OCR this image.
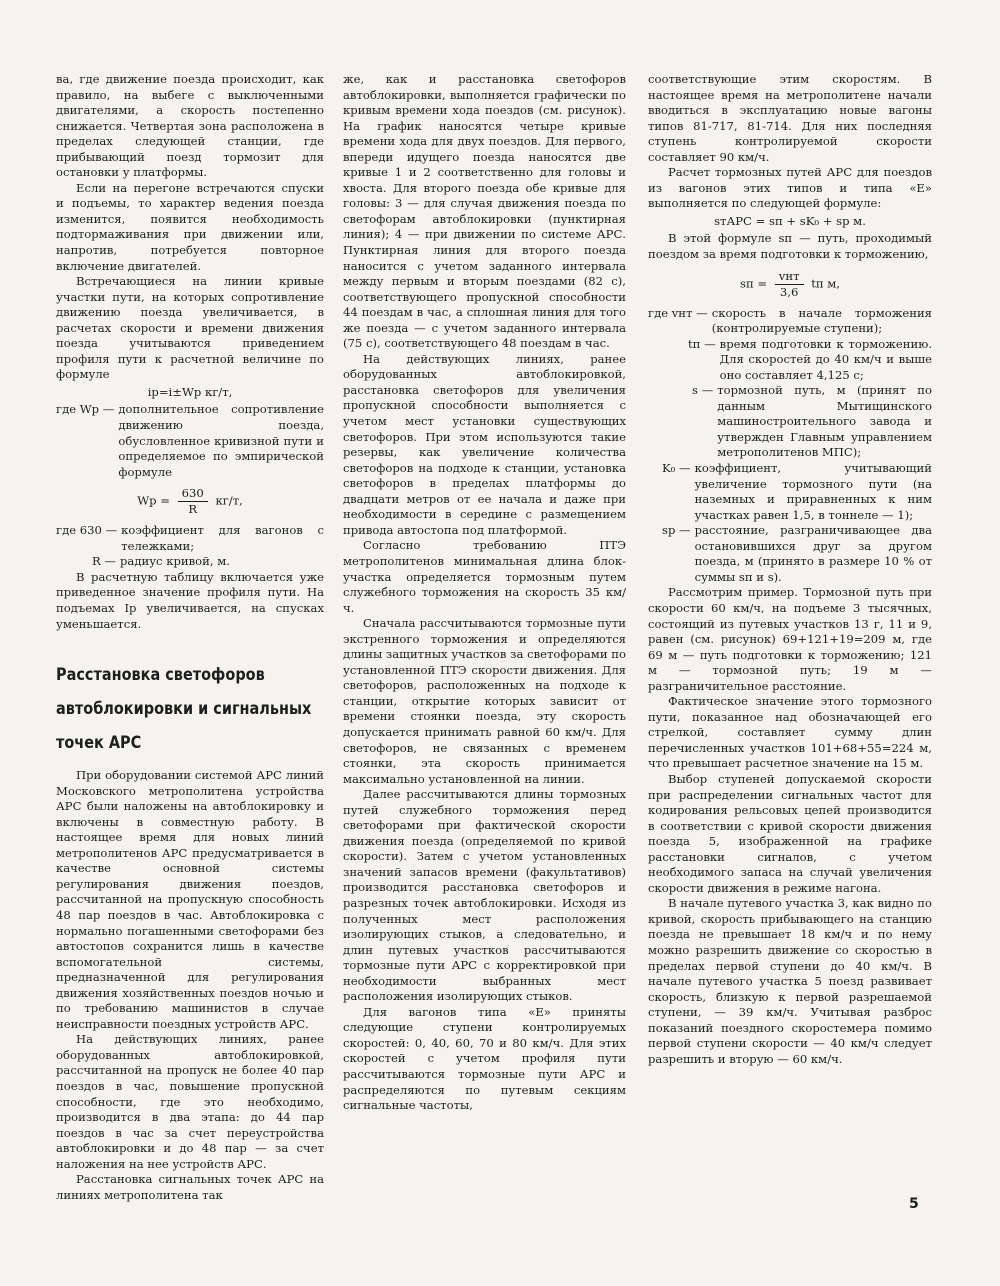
ва, где движение поезда происходит, как правило, на выбеге с выключенными двигателями, а скорость постепенно снижается. Четвертая зона расположена в пределах следующей станции, где прибывающий поезд тормозит для остановки у платформы.

Если на перегоне встречаются спуски и подъемы, то характер ведения поезда изменится, появится необходимость подтормаживания при движении или, напротив, потребуется повторное включение двигателей.

Встречающиеся на линии кривые участки пути, на которых сопротивление движению поезда увеличивается, в расчетах скорости и времени движения поезда учитываются приведением профиля пути к расчетной величине по формуле

iр=i±Wр кг/т,

где Wр — дополнительное сопротивление движению поезда, обусловленное кривизной пути и определяемое по эмпирической формуле
Wр = $\frac{630}{R} кг/т$,
где 630 — коэффициент для вагонов с тележками;
R — радиус кривой, м.

В расчетную таблицу включается уже приведенное значение профиля пути. На подъемах Iр увеличивается, на спусках уменьшается.

Расстановка светофоров
автоблокировки и сигнальных
точек АРС

При оборудовании системой АРС линий Московского метрополитена устройства АРС были наложены на автоблокировку и включены в совместную работу. В настоящее время для новых линий метрополитенов АРС предусматривается в качестве основной системы регулирования движения поездов, рассчитанной на пропускную способность 48 пар поездов в час. Автоблокировка с нормально погашенными светофорами без автостопов сохранится лишь в качестве вспомогательной системы, предназначенной для регулирования движения хозяйственных поездов ночью и по требованию машинистов в случае неисправности поездных устройств АРС.

На действующих линиях, ранее оборудованных автоблокировкой, рассчитанной на пропуск не более 40 пар поездов в час, повышение пропускной способности, где это необходимо, производится в два этапа: до 44 пар поездов в час за счет переустройства автоблокировки и до 48 пар — за счет наложения на нее устройств АРС.

Расстановка сигнальных точек АРС на линиях метрополитена так

же, как и расстановка светофоров автоблокировки, выполняется графически по кривым времени хода поездов (см. рисунок). На график наносятся четыре кривые времени хода для двух поездов. Для первого, впереди идущего поезда наносятся две кривые 1 и 2 соответственно для головы и хвоста. Для второго поезда обе кривые для головы: 3 — для случая движения поезда по светофорам автоблокировки (пунктирная линия); 4 — при движении по системе АРС. Пунктирная линия для второго поезда наносится с учетом заданного интервала между первым и вторым поездами (82 с), соответствующего пропускной способности 44 поездам в час, а сплошная линия для того же поезда — с учетом заданного интервала (75 с), соответствующего 48 поездам в час.

На действующих линиях, ранее оборудованных автоблокировкой, расстановка светофоров для увеличения пропускной способности выполняется с учетом мест установки существующих светофоров. При этом используются такие резервы, как увеличение количества светофоров на подходе к станции, установка светофоров в пределах платформы до двадцати метров от ее начала и даже при необходимости в середине с размещением привода автостопа под платформой.

Согласно требованию ПТЭ метрополитенов минимальная длина блок-участка определяется тормозным путем служебного торможения на скорость 35 км/ч.

Сначала рассчитываются тормозные пути экстренного торможения и определяются длины защитных участков за светофорами по установленной ПТЭ скорости движения. Для светофоров, расположенных на подходе к станции, открытие которых зависит от времени стоянки поезда, эту скорость допускается принимать равной 60 км/ч. Для светофоров, не связанных с временем стоянки, эта скорость принимается максимально установленной на линии.

Далее рассчитываются длины тормозных путей служебного торможения перед светофорами при фактической скорости движения поезда (определяемой по кривой скорости). Затем с учетом установленных значений запасов времени (факультативов) производится расстановка светофоров и разрезных точек автоблокировки. Исходя из полученных мест расположения изолирующих стыков, а следовательно, и длин путевых участков рассчитываются тормозные пути АРС с корректировкой при необходимости выбранных мест расположения изолирующих стыков.

Для вагонов типа «Е» приняты следующие ступени контролируемых скоростей: 0, 40, 60, 70 и 80 км/ч. Для этих скоростей с учетом профиля пути рассчитываются тормозные пути АРС и распределяются по путевым секциям сигнальные частоты,

соответствующие этим скоростям. В настоящее время на метрополитене начали вводиться в эксплуатацию новые вагоны типов 81-717, 81-714. Для них последняя ступень контролируемой скорости составляет 90 км/ч.

Расчет тормозных путей АРС для поездов из вагонов этих типов и типа «Е» выполняется по следующей формуле:

sтАРС = sп + sK₀ + sр м.

В этой формуле sп — путь, проходимый поездом за время подготовки к торможению,

sп = $\frac{\text{vнт}}{3,6}$ tп м,
где vнт — скорость в начале торможения (контролируемые ступени);
tп — время подготовки к торможению. Для скоростей до 40 км/ч и выше оно составляет 4,125 с;
s — тормозной путь, м (принят по данным Мытищинского машиностроительного завода и утвержден Главным управлением метрополитенов МПС);
K₀ — коэффициент, учитывающий увеличение тормозного пути (на наземных и приравненных к ним участках равен 1,5, в тоннеле — 1);
sр — расстояние, разграничивающее два остановившихся друг за другом поезда, м (принято в размере 10 % от суммы sп и s).

Рассмотрим пример. Тормозной путь при скорости 60 км/ч, на подъеме 3 тысячных, состоящий из путевых участков 13 г, 11 и 9, равен (см. рисунок) 69+121+19=209 м, где 69 м — путь подготовки к торможению; 121 м — тормозной путь; 19 м — разграничительное расстояние.

Фактическое значение этого тормозного пути, показанное над обозначающей его стрелкой, составляет сумму длин перечисленных участков 101+68+55=224 м, что превышает расчетное значение на 15 м.

Выбор ступеней допускаемой скорости при распределении сигнальных частот для кодирования рельсовых цепей производится в соответствии с кривой скорости движения поезда 5, изображенной на графике расстановки сигналов, с учетом необходимого запаса на случай увеличения скорости движения в режиме нагона.

В начале путевого участка 3, как видно по кривой, скорость прибывающего на станцию поезда не превышает 18 км/ч и по нему можно разрешить движение со скоростью в пределах первой ступени до 40 км/ч. В начале путевого участка 5 поезд развивает скорость, близкую к первой разрешаемой ступени, — 39 км/ч. Учитывая разброс показаний поездного скоростемера помимо первой ступени скорости — 40 км/ч следует разрешить и вторую — 60 км/ч.

5
